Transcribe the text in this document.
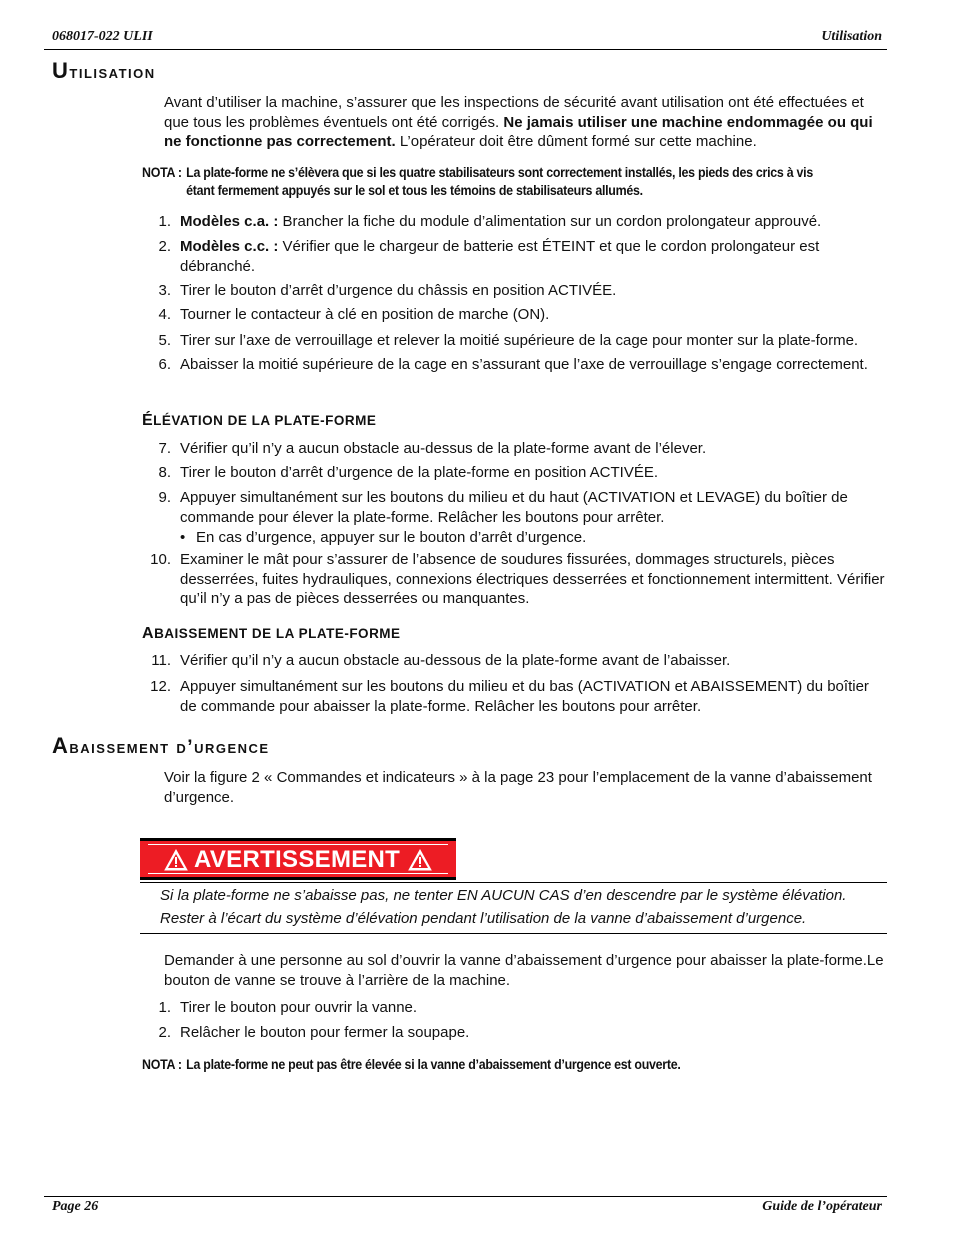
068017-022 ULII	Utilisation
Utilisation
Avant d’utiliser la machine, s’assurer que les inspections de sécurité avant utilisation ont été effectuées et que tous les problèmes éventuels ont été corrigés. Ne jamais utiliser une machine endommagée ou qui ne fonctionne pas correctement. L’opérateur doit être dûment formé sur cette machine.
NOTA : La plate-forme ne s’élèvera que si les quatre stabilisateurs sont correctement installés, les pieds des crics à vis étant fermement appuyés sur le sol et tous les témoins de stabilisateurs allumés.
1. Modèles c.a. : Brancher la fiche du module d’alimentation sur un cordon prolongateur approuvé.
2. Modèles c.c. : Vérifier que le chargeur de batterie est ÉTEINT et que le cordon prolongateur est débranché.
3. Tirer le bouton d’arrêt d’urgence du châssis en position ACTIVÉE.
4. Tourner le contacteur à clé en position de marche (ON).
5. Tirer sur l’axe de verrouillage et relever la moitié supérieure de la cage pour monter sur la plate-forme.
6. Abaisser la moitié supérieure de la cage en s’assurant que l’axe de verrouillage s’engage correctement.
ÉLÉVATION DE LA PLATE-FORME
7. Vérifier qu’il n’y a aucun obstacle au-dessus de la plate-forme avant de l’élever.
8. Tirer le bouton d’arrêt d’urgence de la plate-forme en position ACTIVÉE.
9. Appuyer simultanément sur les boutons du milieu et du haut (ACTIVATION et LEVAGE) du boîtier de commande pour élever la plate-forme. Relâcher les boutons pour arrêter.
• En cas d’urgence, appuyer sur le bouton d’arrêt d’urgence.
10. Examiner le mât pour s’assurer de l’absence de soudures fissurées, dommages structurels, pièces desserrées, fuites hydrauliques, connexions électriques desserrées et fonctionnement intermittent. Vérifier qu’il n’y a pas de pièces desserrées ou manquantes.
ABAISSEMENT DE LA PLATE-FORME
11. Vérifier qu’il n’y a aucun obstacle au-dessous de la plate-forme avant de l’abaisser.
12. Appuyer simultanément sur les boutons du milieu et du bas (ACTIVATION et ABAISSEMENT) du boîtier de commande pour abaisser la plate-forme. Relâcher les boutons pour arrêter.
Abaissement d’urgence
Voir la figure 2 « Commandes et indicateurs » à la page 23 pour l’emplacement de la vanne d’abaissement d’urgence.
AVERTISSEMENT
Si la plate-forme ne s’abaisse pas, ne tenter EN AUCUN CAS d’en descendre par le système élévation.
Rester à l’écart du système d’élévation pendant l’utilisation de la vanne d’abaissement d’urgence.
Demander à une personne au sol d’ouvrir la vanne d’abaissement d’urgence pour abaisser la plate-forme.Le bouton de vanne se trouve à l’arrière de la machine.
1. Tirer le bouton pour ouvrir la vanne.
2. Relâcher le bouton pour fermer la soupape.
NOTA : La plate-forme ne peut pas être élevée si la vanne d’abaissement d’urgence est ouverte.
Page 26	Guide de l’opérateur
